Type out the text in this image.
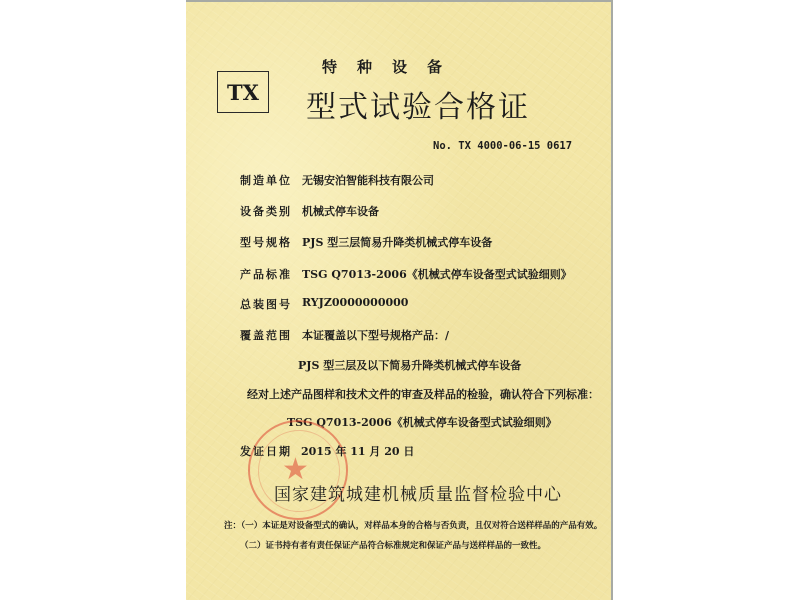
TX
特种设备
型式试验合格证
No. TX 4000-06-15 0617
制造单位 无锡安泊智能科技有限公司
设备类别 机械式停车设备
型号规格 PJS 型三层简易升降类机械式停车设备
产品标准 TSG Q7013-2006《机械式停车设备型式试验细则》
总装图号 RYJZ0000000000
覆盖范围 本证覆盖以下型号规格产品：/
PJS 型三层及以下简易升降类机械式停车设备
经对上述产品图样和技术文件的审查及样品的检验，确认符合下列标准：
TSG Q7013-2006《机械式停车设备型式试验细则》
★
发证日期 2015 年 11 月 20 日
国家建筑城建机械质量监督检验中心
注：（一）本证是对设备型式的确认，对样品本身的合格与否负责，且仅对符合送样样品的产品有效。
（二）证书持有者有责任保证产品符合标准规定和保证产品与送样样品的一致性。
